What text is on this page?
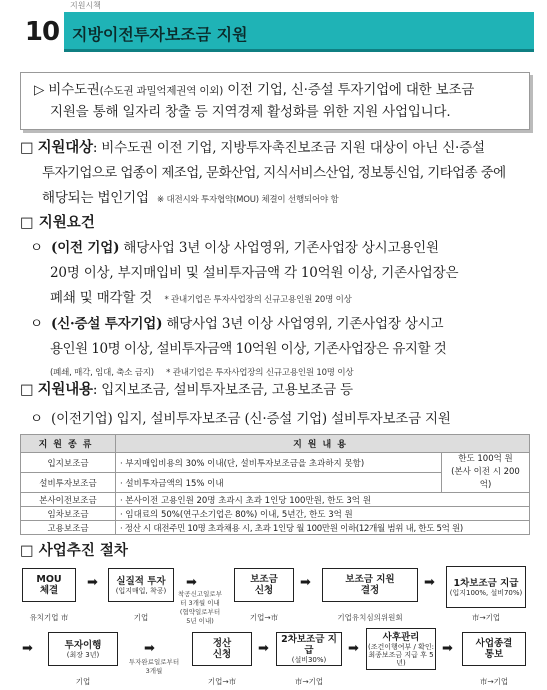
지원시책
10 지방이전투자보조금 지원
▷ 비수도권(수도권 과밀억제권역 이외) 이전 기업, 신·증설 투자기업에 대한 보조금
지원을 통해 일자리 창출 등 지역경제 활성화를 위한 지원 사업입니다.
□ 지원대상: 비수도권 이전 기업, 지방투자촉진보조금 지원 대상이 아닌 신·증설
투자기업으로 업종이 제조업, 문화산업, 지식서비스산업, 정보통신업, 기타업종 중에
해당되는 법인기업 ※ 대전시와 투자협약(MOU) 체결이 선행되어야 함
□ 지원요건
ㅇ (이전 기업) 해당사업 3년 이상 사업영위, 기존사업장 상시고용인원
20명 이상, 부지매입비 및 설비투자금액 각 10억원 이상, 기존사업장은
폐쇄 및 매각할 것 * 관내기업은 투자사업장의 신규고용인원 20명 이상
ㅇ (신·증설 투자기업) 해당사업 3년 이상 사업영위, 기존사업장 상시고
용인원 10명 이상, 설비투자금액 10억원 이상, 기존사업장은 유지할 것
(폐쇄, 매각, 임대, 축소 금지) * 관내기업은 투자사업장의 신규고용인원 10명 이상
□ 지원내용: 입지보조금, 설비투자보조금, 고용보조금 등
ㅇ (이전기업) 입지, 설비투자보조금 (신·증설 기업) 설비투자보조금 지원
지원종류	지원내용	
입지보조금	· 부지매입비용의 30% 이내(단, 설비투자보조금을 초과하지 못함)	한도 100억 원
(본사 이전 시 200억)

설비투자보조금	· 설비투자금액의 15% 이내	
본사이전보조금	· 본사이전 고용인원 20명 초과시 초과 1인당 100만원, 한도 3억 원	
임차보조금	· 임대료의 50%(연구소기업은 80%) 이내, 5년간, 한도 3억 원	
고용보조금	· 정산 시 대전주민 10명 초과채용 시, 초과 1인당 월 100만원 이하(12개월 범위 내, 한도 5억 원)	
□ 사업추진 절차
MOU
체결
➡	실질적 투자
(입지매입, 착공)
➡
착공신고일로부
터 3개월 이내
(협약일로부터
5년 이내)
보조금
신청
➡	보조금 지원
결정
➡	1차보조금 지급
(입지100%, 설비70%)
유치기업 市	기업	기업→市	기업유치심의위원회	市→기업
➡	투자이행
(최장 3년)	➡
투자완료일로부터
3개월
정산
신청	➡
2차보조금 지급
(설비30%)
➡
사후관리
(조건이행여부 / 확인: 최종보조금 지급 후 5년)
➡	사업종결
통보
기업	기업→市	市→기업	市→기업
